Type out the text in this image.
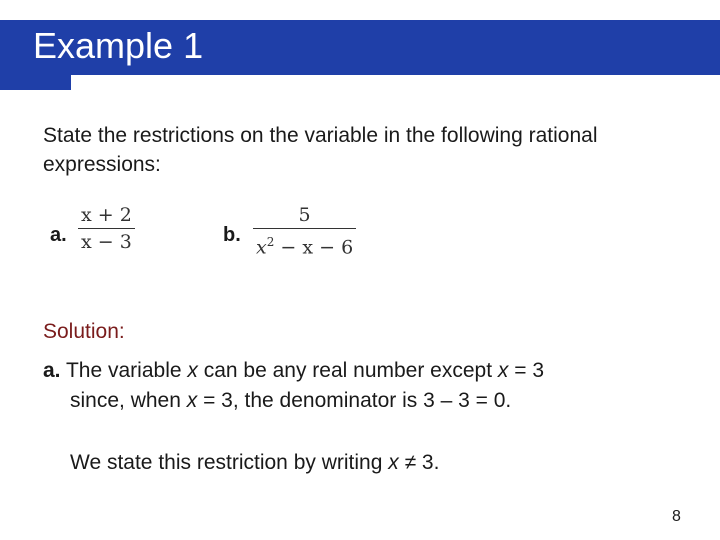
Example 1
State the restrictions on the variable in the following rational expressions:
a.
x + 2
x − 3	b.
5
$x^2 - x - 6$
Solution:
a. The variable x can be any real number except x = 3
since, when x = 3, the denominator is 3 – 3 = 0.
We state this restriction by writing x ≠ 3.
8
